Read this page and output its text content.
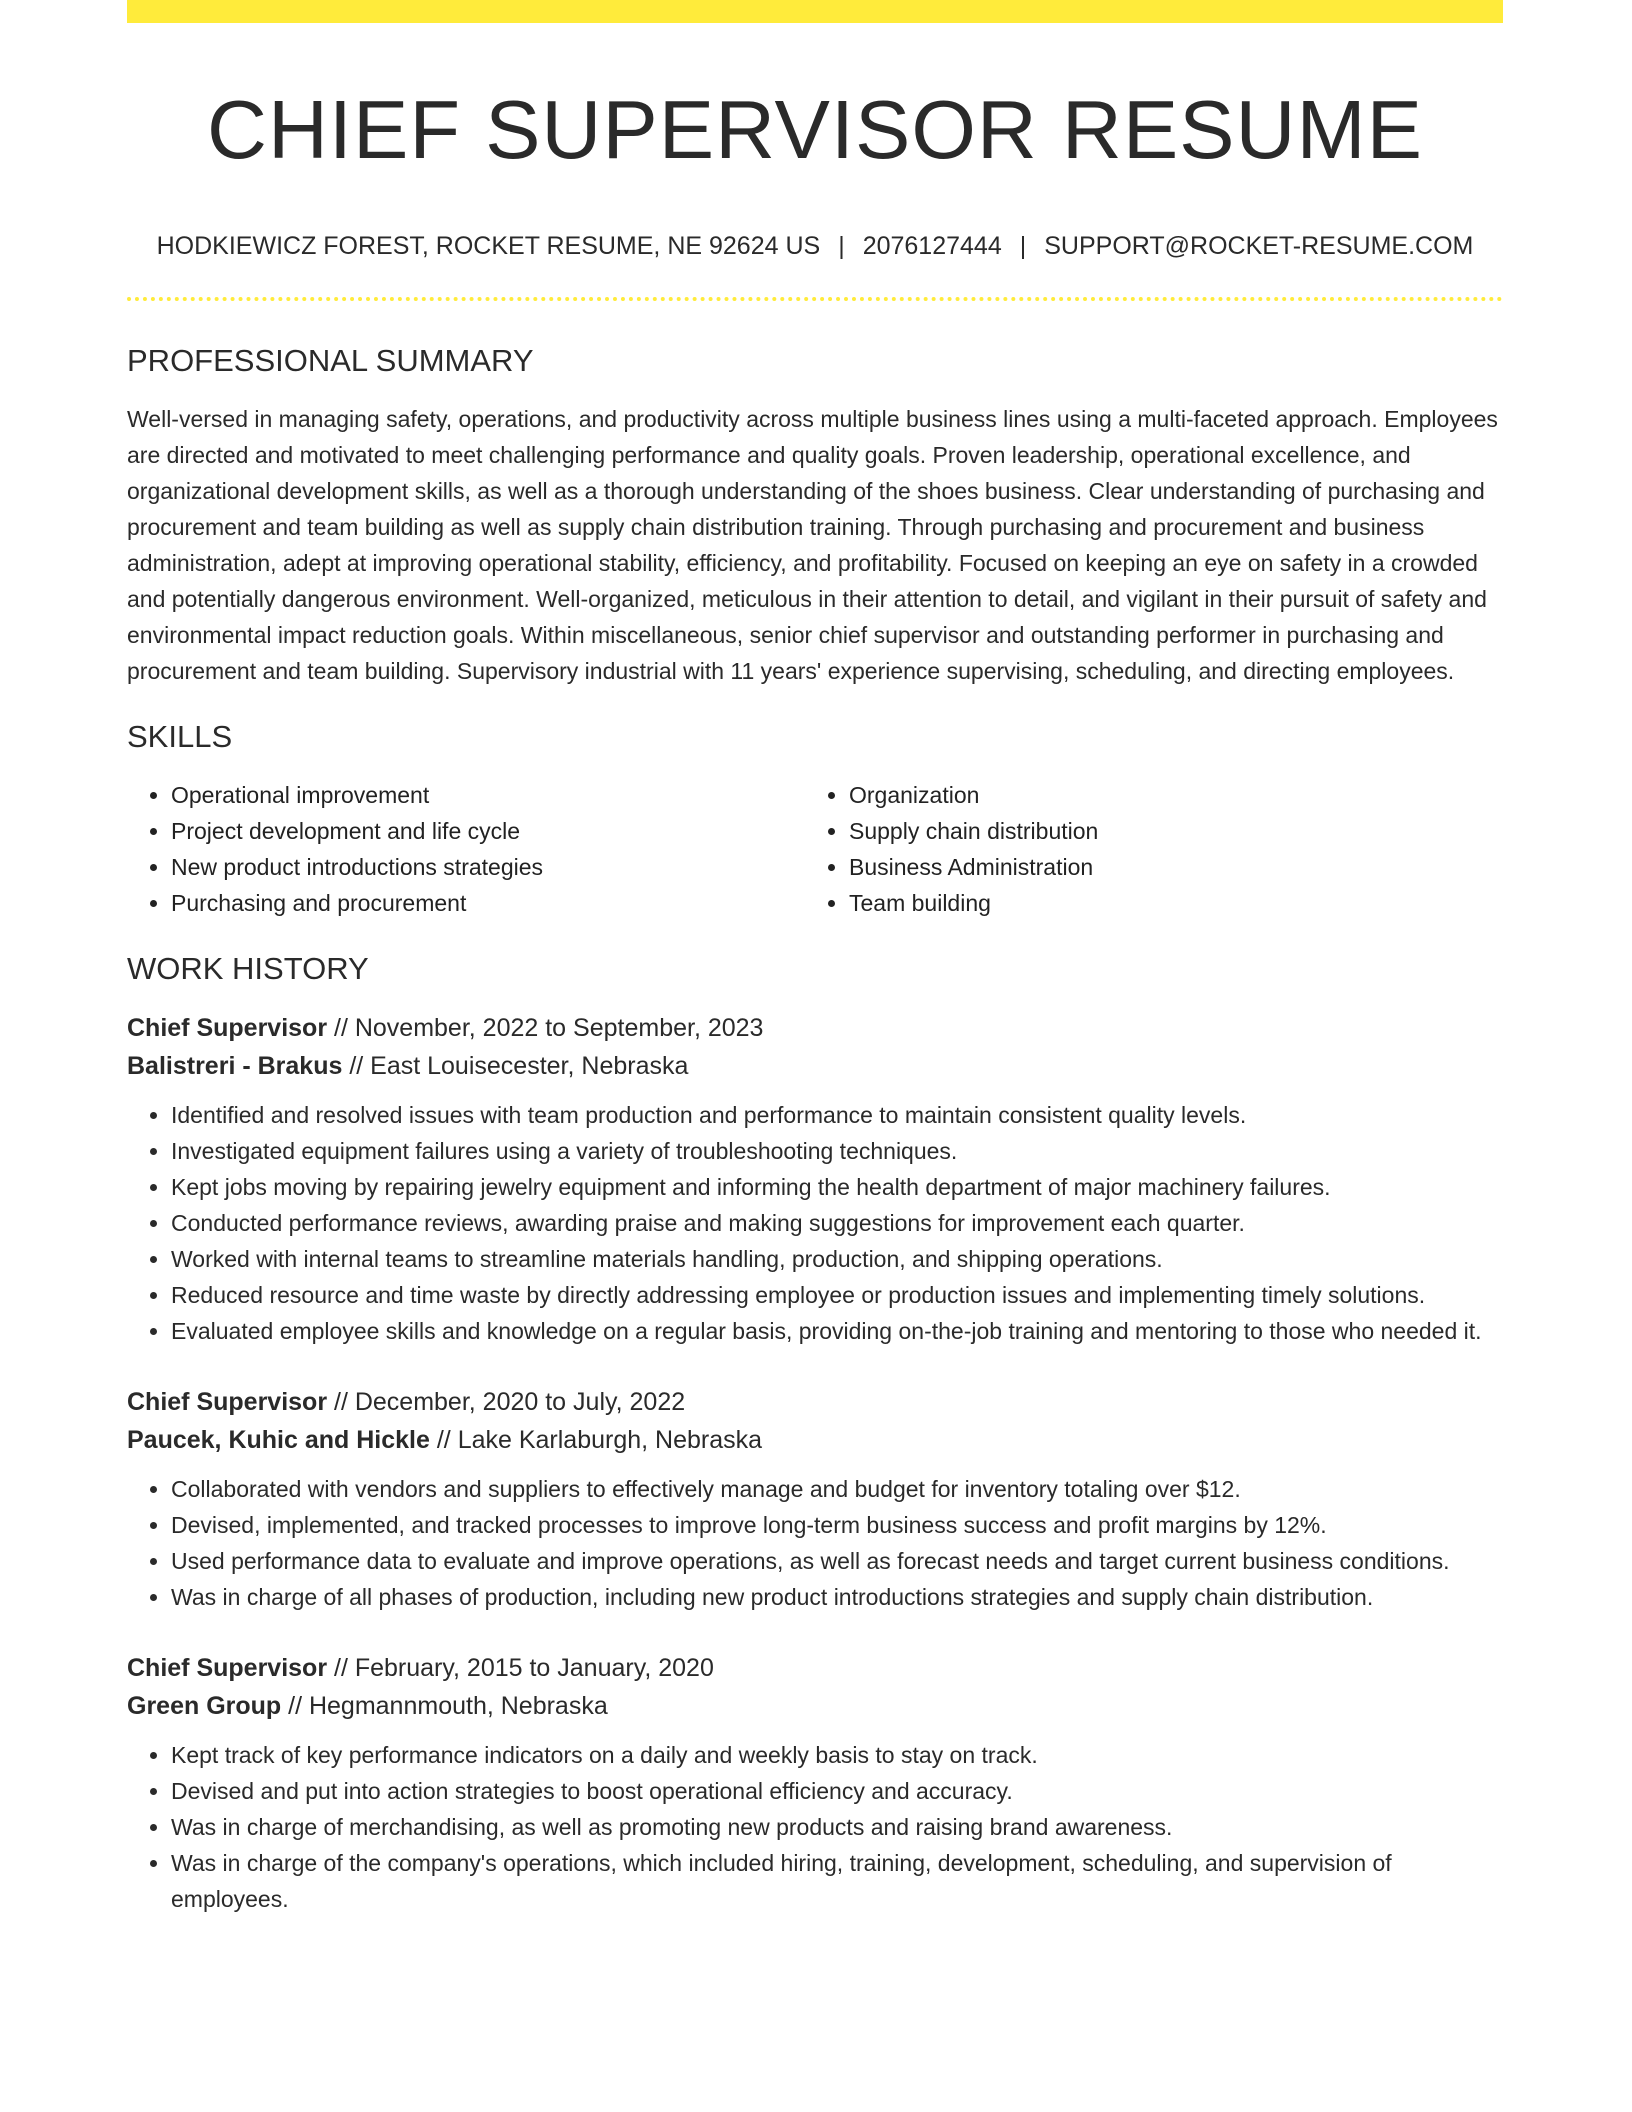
CHIEF SUPERVISOR RESUME
HODKIEWICZ FOREST, ROCKET RESUME, NE 92624 US | 2076127444 | SUPPORT@ROCKET-RESUME.COM
PROFESSIONAL SUMMARY

Well-versed in managing safety, operations, and productivity across multiple business lines using a multi-faceted approach. Employees are directed and motivated to meet challenging performance and quality goals. Proven leadership, operational excellence, and organizational development skills, as well as a thorough understanding of the shoes business. Clear understanding of purchasing and procurement and team building as well as supply chain distribution training. Through purchasing and procurement and business administration, adept at improving operational stability, efficiency, and profitability. Focused on keeping an eye on safety in a crowded and potentially dangerous environment. Well-organized, meticulous in their attention to detail, and vigilant in their pursuit of safety and environmental impact reduction goals. Within miscellaneous, senior chief supervisor and outstanding performer in purchasing and procurement and team building. Supervisory industrial with 11 years' experience supervising, scheduling, and directing employees.

SKILLS
• Operational improvement
• Project development and life cycle
• New product introductions strategies
• Purchasing and procurement
• Organization
• Supply chain distribution
• Business Administration
• Team building
WORK HISTORY
Chief Supervisor // November, 2022 to September, 2023
Balistreri - Brakus // East Louisecester, Nebraska
• Identified and resolved issues with team production and performance to maintain consistent quality levels.
• Investigated equipment failures using a variety of troubleshooting techniques.
• Kept jobs moving by repairing jewelry equipment and informing the health department of major machinery failures.
• Conducted performance reviews, awarding praise and making suggestions for improvement each quarter.
• Worked with internal teams to streamline materials handling, production, and shipping operations.
• Reduced resource and time waste by directly addressing employee or production issues and implementing timely solutions.
• Evaluated employee skills and knowledge on a regular basis, providing on-the-job training and mentoring to those who needed it.
Chief Supervisor // December, 2020 to July, 2022
Paucek, Kuhic and Hickle // Lake Karlaburgh, Nebraska
• Collaborated with vendors and suppliers to effectively manage and budget for inventory totaling over $12.
• Devised, implemented, and tracked processes to improve long-term business success and profit margins by 12%.
• Used performance data to evaluate and improve operations, as well as forecast needs and target current business conditions.
• Was in charge of all phases of production, including new product introductions strategies and supply chain distribution.
Chief Supervisor // February, 2015 to January, 2020
Green Group // Hegmannmouth, Nebraska
• Kept track of key performance indicators on a daily and weekly basis to stay on track.
• Devised and put into action strategies to boost operational efficiency and accuracy.
• Was in charge of merchandising, as well as promoting new products and raising brand awareness.
• Was in charge of the company's operations, which included hiring, training, development, scheduling, and supervision of employees.
